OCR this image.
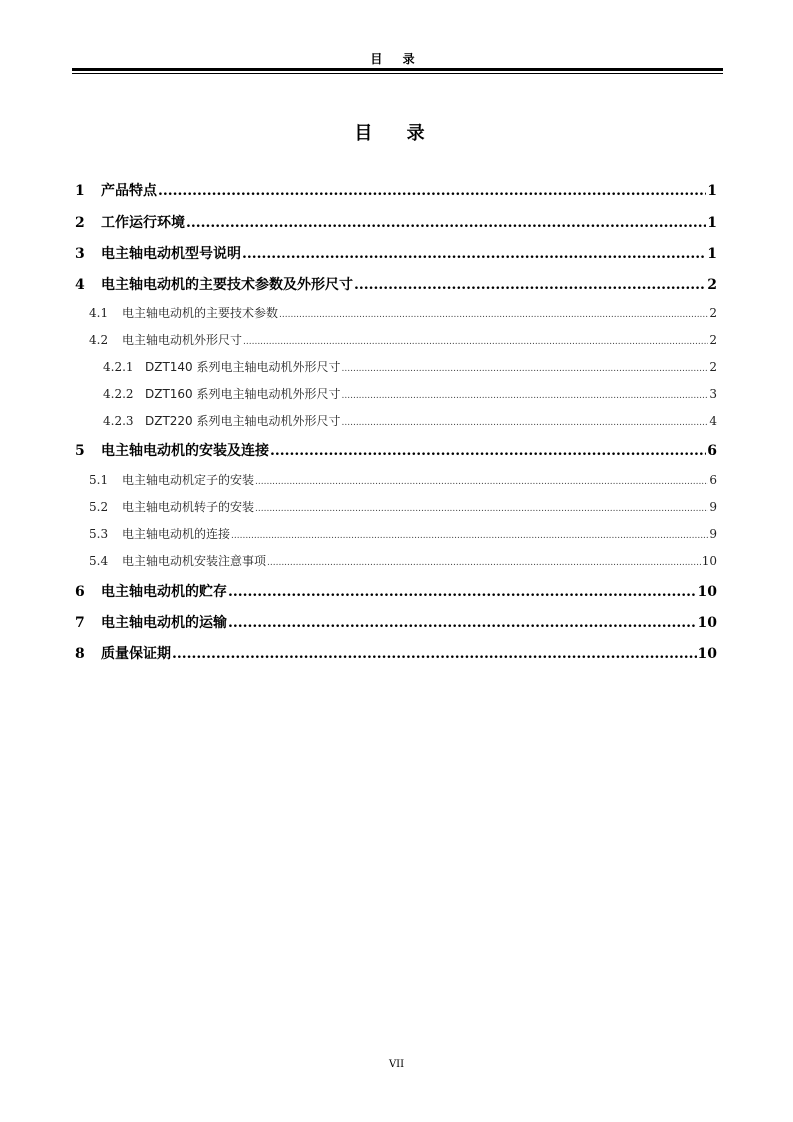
目 录
目 录
1	产品特点 .....	1
2	工作运行环境 .....	1
3	电主轴电动机型号说明 .....	1
4	电主轴电动机的主要技术参数及外形尺寸 .....	2
4.1	电主轴电动机的主要技术参数 .....	2
4.2	电主轴电动机外形尺寸 .....	2
4.2.1 DZT140 系列电主轴电动机外形尺寸 .....	2
4.2.2 DZT160 系列电主轴电动机外形尺寸 .....	3
4.2.3 DZT220 系列电主轴电动机外形尺寸 .....	4
5	电主轴电动机的安装及连接 .....	6
5.1	电主轴电动机定子的安装 .....	6
5.2	电主轴电动机转子的安装 .....	9
5.3	电主轴电动机的连接 .....	9
5.4	电主轴电动机安装注意事项 .....	10
6	电主轴电动机的贮存 .....	10
7	电主轴电动机的运输 .....	10
8	质量保证期 .....	10
VII
